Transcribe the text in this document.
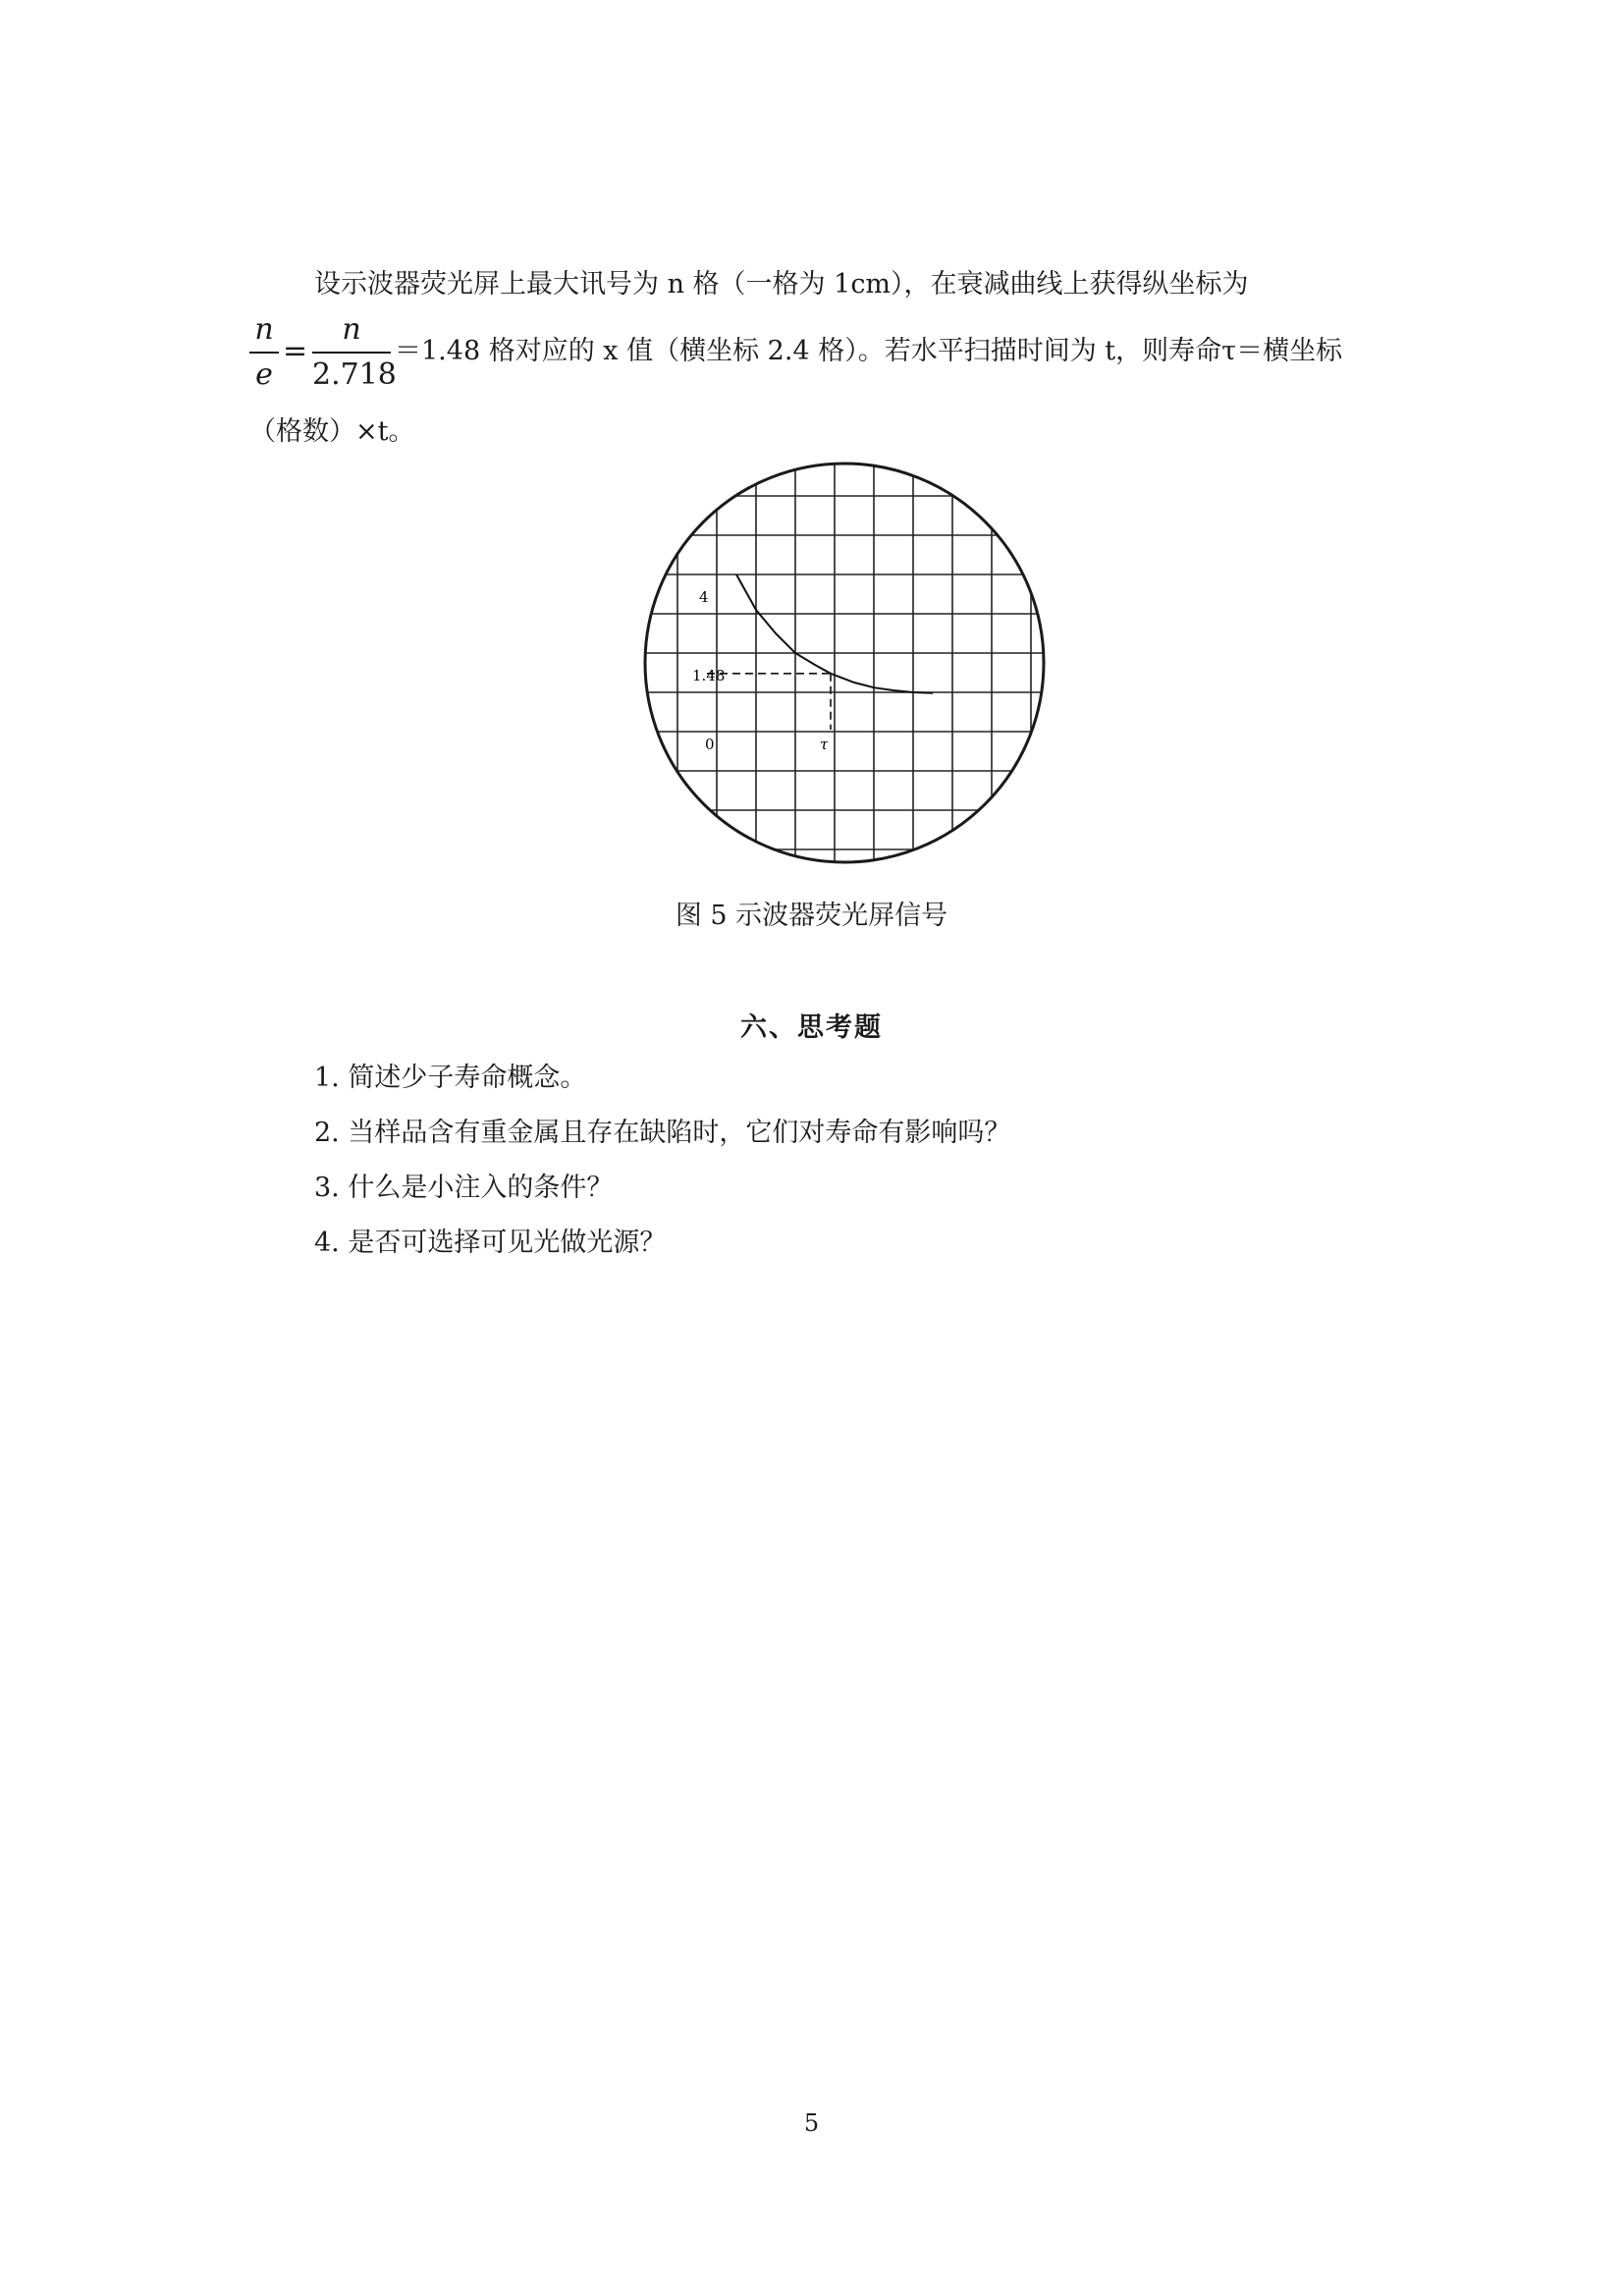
设示波器荧光屏上最大讯号为 n 格（一格为 1cm），在衰减曲线上获得纵坐标为
n
e
=
n
2.718
＝1.48 格对应的 x 值（横坐标 2.4 格）。若水平扫描时间为 t，则寿命τ＝横坐标
（格数）×t。
4
1.48
0	τ
图 5 示波器荧光屏信号
六、思考题
1. 简述少子寿命概念。
2. 当样品含有重金属且存在缺陷时，它们对寿命有影响吗？
3. 什么是小注入的条件？
4. 是否可选择可见光做光源？
5
